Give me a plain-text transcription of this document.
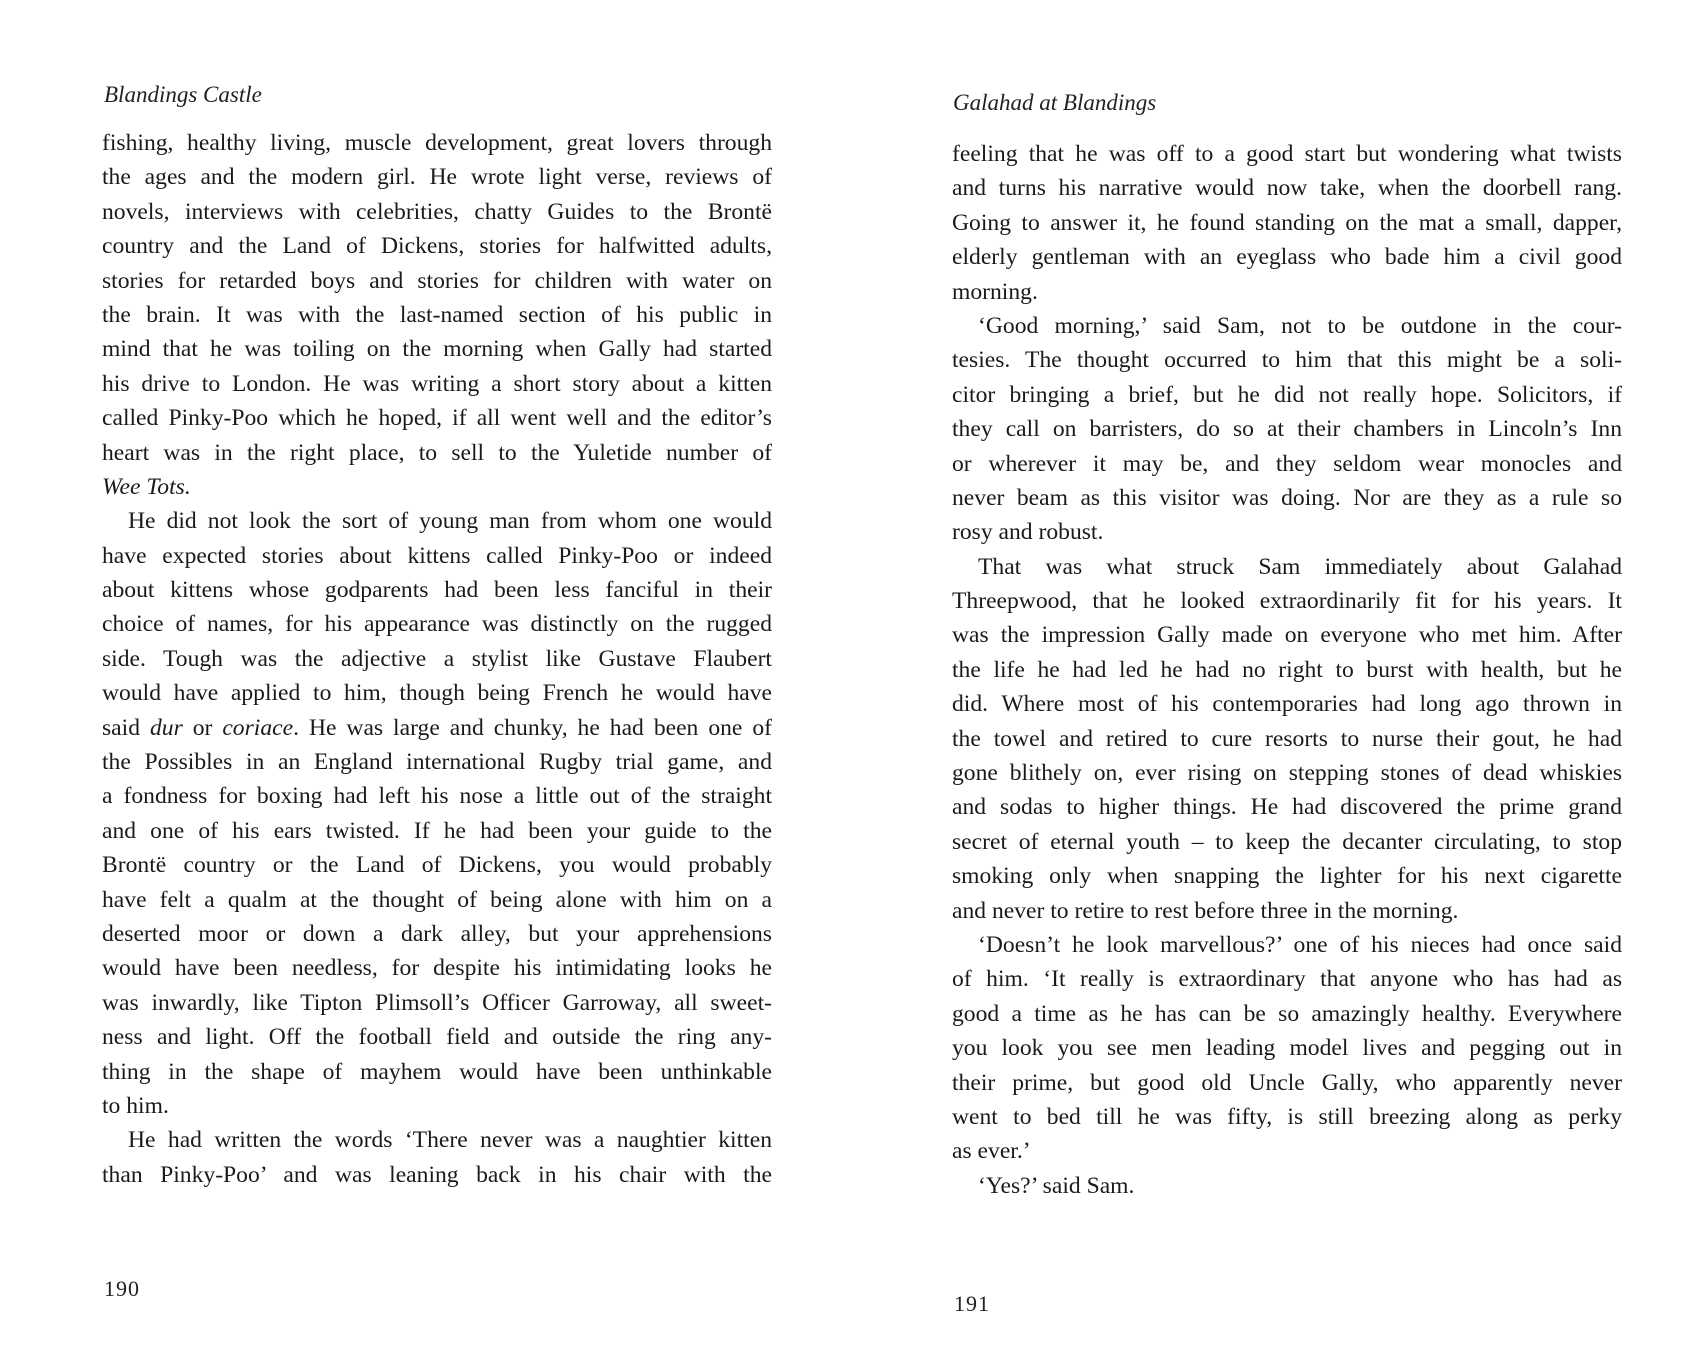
Blandings Castle
fishing, healthy living, muscle development, great lovers through
the ages and the modern girl. He wrote light verse, reviews of
novels, interviews with celebrities, chatty Guides to the Brontë
country and the Land of Dickens, stories for halfwitted adults,
stories for retarded boys and stories for children with water on
the brain. It was with the last-named section of his public in
mind that he was toiling on the morning when Gally had started
his drive to London. He was writing a short story about a kitten
called Pinky-Poo which he hoped, if all went well and the editor’s
heart was in the right place, to sell to the Yuletide number of
Wee Tots.
He did not look the sort of young man from whom one would
have expected stories about kittens called Pinky-Poo or indeed
about kittens whose godparents had been less fanciful in their
choice of names, for his appearance was distinctly on the rugged
side. Tough was the adjective a stylist like Gustave Flaubert
would have applied to him, though being French he would have
said dur or coriace. He was large and chunky, he had been one of
the Possibles in an England international Rugby trial game, and
a fondness for boxing had left his nose a little out of the straight
and one of his ears twisted. If he had been your guide to the
Brontë country or the Land of Dickens, you would probably
have felt a qualm at the thought of being alone with him on a
deserted moor or down a dark alley, but your apprehensions
would have been needless, for despite his intimidating looks he
was inwardly, like Tipton Plimsoll’s Officer Garroway, all sweet-
ness and light. Off the football field and outside the ring any-
thing in the shape of mayhem would have been unthinkable
to him.
He had written the words ‘There never was a naughtier kitten
than Pinky-Poo’ and was leaning back in his chair with the
190
Galahad at Blandings
feeling that he was off to a good start but wondering what twists
and turns his narrative would now take, when the doorbell rang.
Going to answer it, he found standing on the mat a small, dapper,
elderly gentleman with an eyeglass who bade him a civil good
morning.
‘Good morning,’ said Sam, not to be outdone in the cour-
tesies. The thought occurred to him that this might be a soli-
citor bringing a brief, but he did not really hope. Solicitors, if
they call on barristers, do so at their chambers in Lincoln’s Inn
or wherever it may be, and they seldom wear monocles and
never beam as this visitor was doing. Nor are they as a rule so
rosy and robust.
That was what struck Sam immediately about Galahad
Threepwood, that he looked extraordinarily fit for his years. It
was the impression Gally made on everyone who met him. After
the life he had led he had no right to burst with health, but he
did. Where most of his contemporaries had long ago thrown in
the towel and retired to cure resorts to nurse their gout, he had
gone blithely on, ever rising on stepping stones of dead whiskies
and sodas to higher things. He had discovered the prime grand
secret of eternal youth – to keep the decanter circulating, to stop
smoking only when snapping the lighter for his next cigarette
and never to retire to rest before three in the morning.
‘Doesn’t he look marvellous?’ one of his nieces had once said
of him. ‘It really is extraordinary that anyone who has had as
good a time as he has can be so amazingly healthy. Everywhere
you look you see men leading model lives and pegging out in
their prime, but good old Uncle Gally, who apparently never
went to bed till he was fifty, is still breezing along as perky
as ever.’
‘Yes?’ said Sam.
191
